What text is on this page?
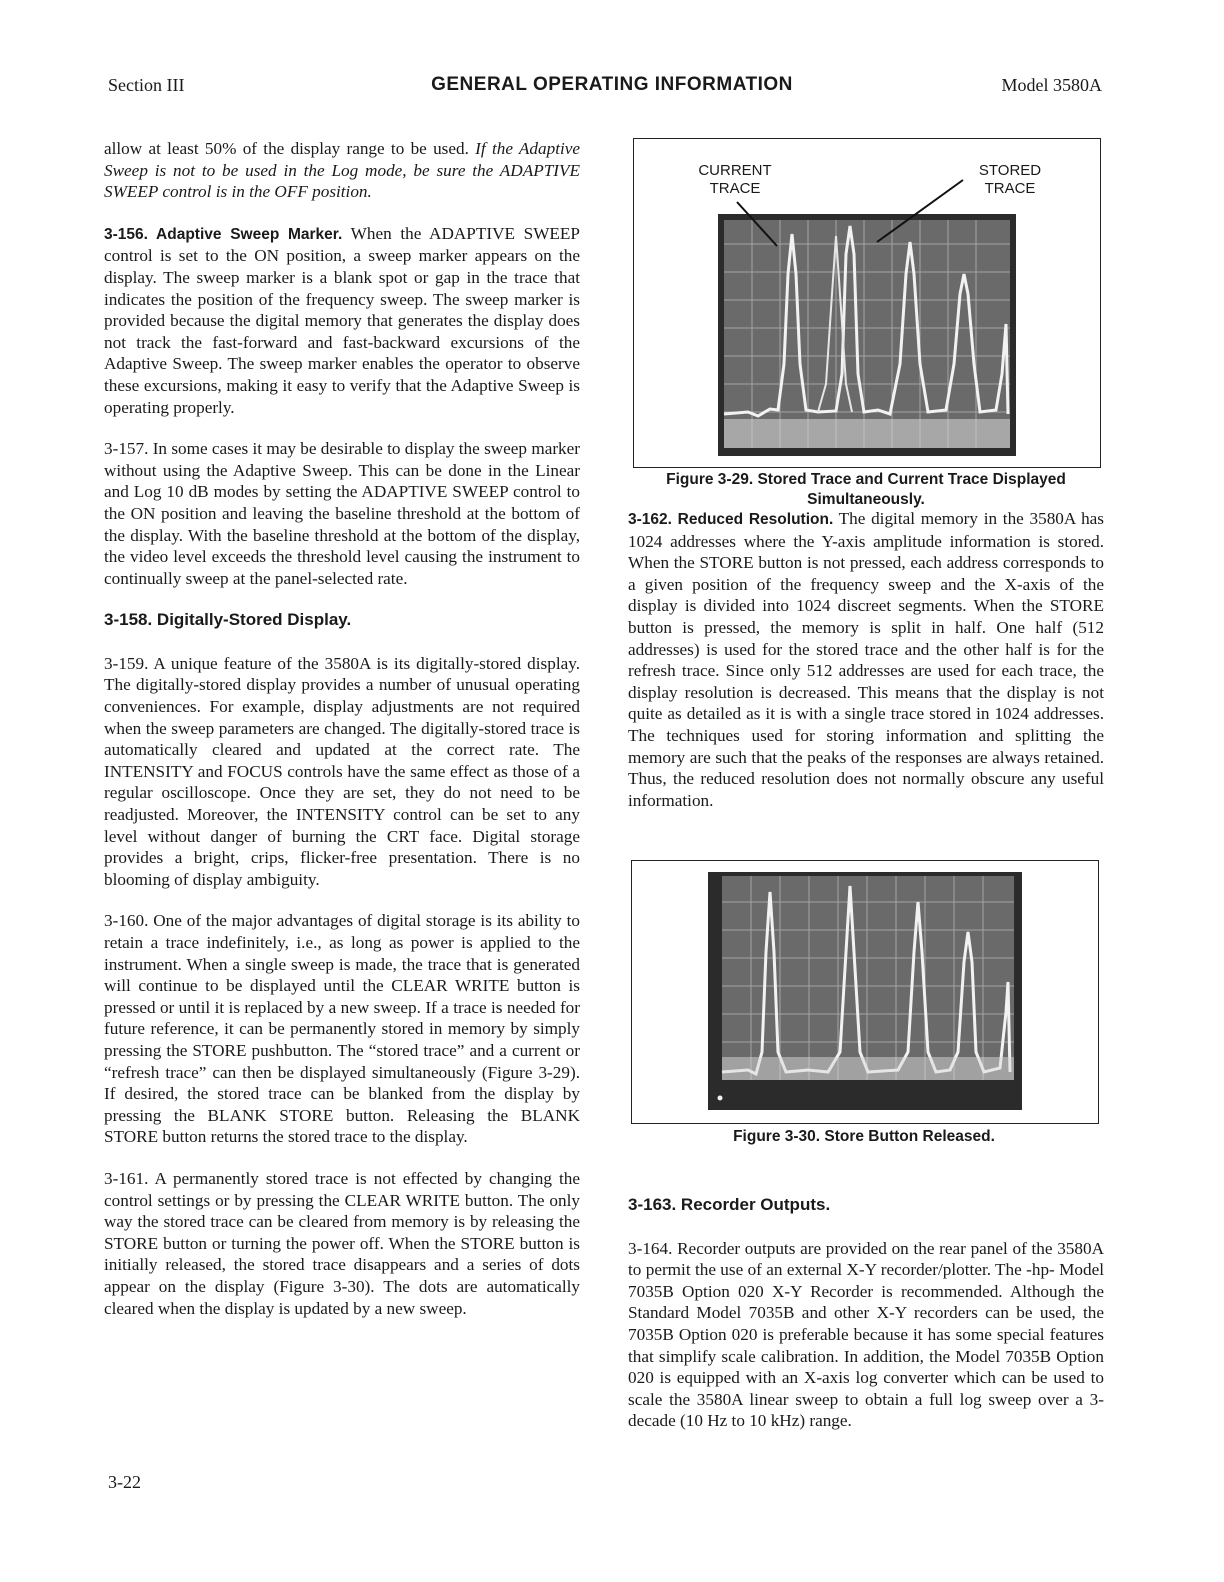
Section III	GENERAL OPERATING INFORMATION	Model 3580A

allow at least 50% of the display range to be used. If the Adaptive Sweep is not to be used in the Log mode, be sure the ADAPTIVE SWEEP control is in the OFF position.

3-156. Adaptive Sweep Marker. When the ADAPTIVE SWEEP control is set to the ON position, a sweep marker appears on the display. The sweep marker is a blank spot or gap in the trace that indicates the position of the frequency sweep. The sweep marker is provided because the digital memory that generates the display does not track the fast-forward and fast-backward excursions of the Adaptive Sweep. The sweep marker enables the operator to observe these excursions, making it easy to verify that the Adaptive Sweep is operating properly.

3-157. In some cases it may be desirable to display the sweep marker without using the Adaptive Sweep. This can be done in the Linear and Log 10 dB modes by setting the ADAPTIVE SWEEP control to the ON position and leaving the baseline threshold at the bottom of the display. With the baseline threshold at the bottom of the display, the video level exceeds the threshold level causing the instrument to continually sweep at the panel-selected rate.

3-158. Digitally-Stored Display.

3-159. A unique feature of the 3580A is its digitally-stored display. The digitally-stored display provides a number of unusual operating conveniences. For example, display adjustments are not required when the sweep parameters are changed. The digitally-stored trace is automatically cleared and updated at the correct rate. The INTENSITY and FOCUS controls have the same effect as those of a regular oscilloscope. Once they are set, they do not need to be readjusted. Moreover, the INTENSITY control can be set to any level without danger of burning the CRT face. Digital storage provides a bright, crips, flicker-free presentation. There is no blooming of display ambiguity.

3-160. One of the major advantages of digital storage is its ability to retain a trace indefinitely, i.e., as long as power is applied to the instrument. When a single sweep is made, the trace that is generated will continue to be displayed until the CLEAR WRITE button is pressed or until it is replaced by a new sweep. If a trace is needed for future reference, it can be permanently stored in memory by simply pressing the STORE pushbutton. The “stored trace” and a current or “refresh trace” can then be displayed simultaneously (Figure 3-29). If desired, the stored trace can be blanked from the display by pressing the BLANK STORE button. Releasing the BLANK STORE button returns the stored trace to the display.

3-161. A permanently stored trace is not effected by changing the control settings or by pressing the CLEAR WRITE button. The only way the stored trace can be cleared from memory is by releasing the STORE button or turning the power off. When the STORE button is initially released, the stored trace disappears and a series of dots appear on the display (Figure 3-30). The dots are automatically cleared when the display is updated by a new sweep.

CURRENT
TRACE
STORED
TRACE
Figure 3-29. Stored Trace and Current Trace Displayed
Simultaneously.

3-162. Reduced Resolution. The digital memory in the 3580A has 1024 addresses where the Y-axis amplitude information is stored. When the STORE button is not pressed, each address corresponds to a given position of the frequency sweep and the X-axis of the display is divided into 1024 discreet segments. When the STORE button is pressed, the memory is split in half. One half (512 addresses) is used for the stored trace and the other half is for the refresh trace. Since only 512 addresses are used for each trace, the display resolution is decreased. This means that the display is not quite as detailed as it is with a single trace stored in 1024 addresses. The techniques used for storing information and splitting the memory are such that the peaks of the responses are always retained. Thus, the reduced resolution does not normally obscure any useful information.

Figure 3-30. Store Button Released.
3-163. Recorder Outputs.

3-164. Recorder outputs are provided on the rear panel of the 3580A to permit the use of an external X-Y recorder/plotter. The -hp- Model 7035B Option 020 X-Y Recorder is recommended. Although the Standard Model 7035B and other X-Y recorders can be used, the 7035B Option 020 is preferable because it has some special features that simplify scale calibration. In addition, the Model 7035B Option 020 is equipped with an X-axis log converter which can be used to scale the 3580A linear sweep to obtain a full log sweep over a 3-decade (10 Hz to 10 kHz) range.

3-22
